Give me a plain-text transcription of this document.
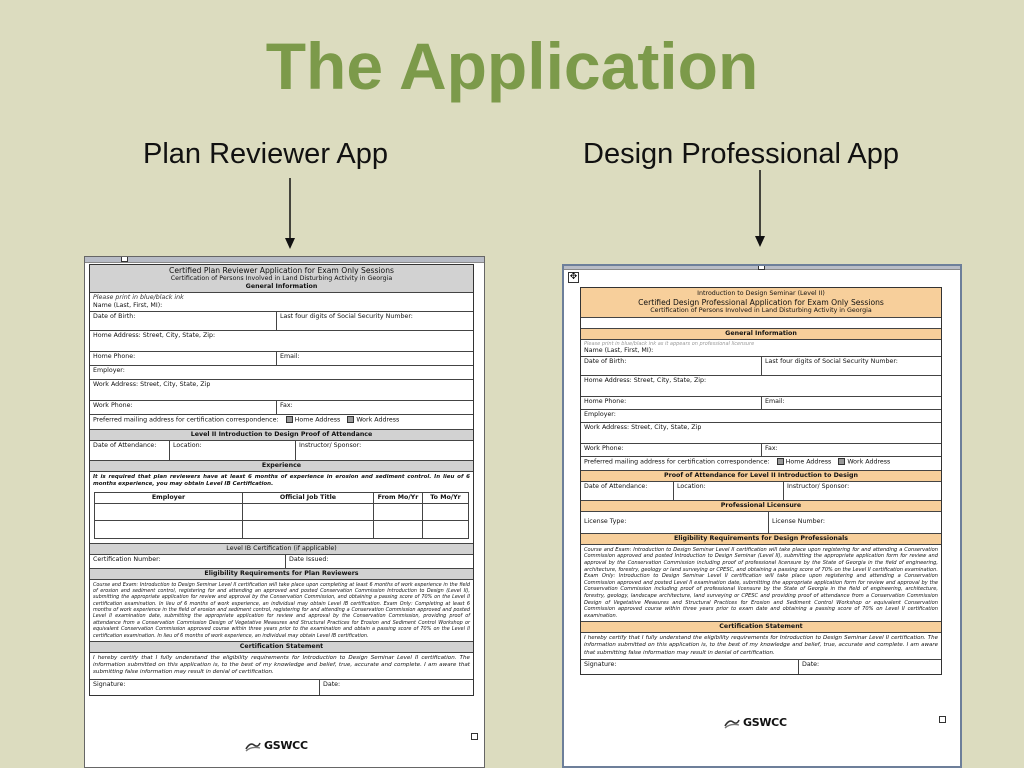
The Application
Plan Reviewer App	Design Professional App
Certified Plan Reviewer Application for Exam Only Sessions
Certification of Persons Involved in Land Disturbing Activity in Georgia
General Information
Please print in blue/black ink
Name (Last, First, MI):
Date of Birth:	Last four digits of Social Security Number:
Home Address: Street, City, State, Zip:
Home Phone:	Email:
Employer:
Work Address: Street, City, State, Zip
Work Phone:	Fax:
Preferred mailing address for certification correspondence:	Home Address	Work Address
Level II Introduction to Design Proof of Attendance
Date of Attendance:	Location:	Instructor/ Sponsor:
Experience
It is required that plan reviewers have at least 6 months of experience in erosion and sediment control. In lieu of 6 months experience, you may obtain Level IB Certification.
Employer	Official Job Title	From Mo/Yr	To Mo/Yr
Level IB Certification (if applicable)
Certification Number:	Date Issued:
Eligibility Requirements for Plan Reviewers
Course and Exam: Introduction to Design Seminar Level II certification will take place upon completing at least 6 months of work experience in the field of erosion and sediment control, registering for and attending an approved and posted Conservation Commission Introduction to Design (Level II), submitting the appropriate application for review and approval by the Conservation Commission, and obtaining a passing score of 70% on the Level II certification examination. In lieu of 6 months of work experience, an individual may obtain Level IB certification. Exam Only: Completing at least 6 months of work experience in the field of erosion and sediment control, registering for and attending a Conservation Commission approved and posted Level II examination date, submitting the appropriate application for review and approval by the Conservation Commission, providing proof of attendance from a Conservation Commission Design of Vegetative Measures and Structural Practices for Erosion and Sediment Control Workshop or equivalent Conservation Commission approved course within three years prior to the examination and obtain a passing score of 70% on the Level II certification examination. In lieu of 6 months of work experience, an individual may obtain Level IB certification.
Certification Statement
I hereby certify that I fully understand the eligibility requirements for Introduction to Design Seminar Level II certification. The information submitted on this application is, to the best of my knowledge and belief, true, accurate and complete. I am aware that submitting false information may result in denial of certification.
Signature:	Date:
GSWCC
✥
Introduction to Design Seminar (Level II)
Certified Design Professional Application for Exam Only Sessions
Certification of Persons Involved in Land Disturbing Activity in Georgia
General Information
Please print in blue/black ink as it appears on professional licensure
Name (Last, First, MI):
Date of Birth:	Last four digits of Social Security Number:
Home Address: Street, City, State, Zip:
Home Phone:	Email:
Employer:
Work Address: Street, City, State, Zip
Work Phone:	Fax:
Preferred mailing address for certification correspondence:	Home Address	Work Address
Proof of Attendance for Level II Introduction to Design
Date of Attendance:	Location:	Instructor/ Sponsor:
Professional Licensure
License Type:	License Number:
Eligibility Requirements for Design Professionals
Course and Exam: Introduction to Design Seminar Level II certification will take place upon registering for and attending a Conservation Commission approved and posted Introduction to Design Seminar (Level II), submitting the appropriate application form for review and approval by the Conservation Commission including proof of professional licensure by the State of Georgia in the field of engineering, architecture, forestry, geology or land surveying or CPESC, and obtaining a passing score of 70% on the Level II certification examination. Exam Only: Introduction to Design Seminar Level II certification will take place upon registering and attending a Conservation Commission approved and posted Level II examination date, submitting the appropriate application form for review and approval by the Conservation Commission including proof of professional licensure by the State of Georgia in the field of engineering, architecture, forestry, geology, landscape architecture, land surveying or CPESC and providing proof of attendance from a Conservation Commission Design of Vegetative Measures and Structural Practices for Erosion and Sediment Control Workshop or equivalent Conservation Commission approved course within three years prior to exam date and obtaining a passing score of 70% on Level II certification examination.
Certification Statement
I hereby certify that I fully understand the eligibility requirements for Introduction to Design Seminar Level II certification. The information submitted on this application is, to the best of my knowledge and belief, true, accurate and complete. I am aware that submitting false information may result in denial of certification.
Signature:	Date:
GSWCC
